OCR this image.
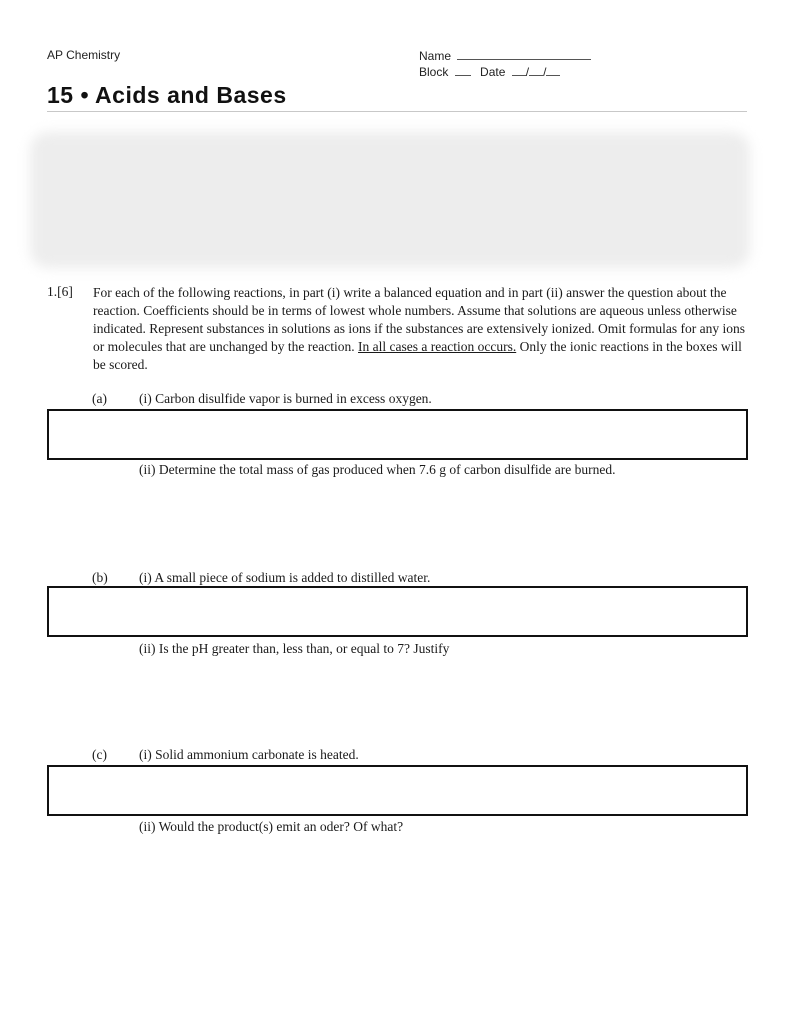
AP Chemistry	Name
Block	Date / /
15 • Acids and Bases
1.[6] For each of the following reactions, in part (i) write a balanced equation and in part (ii) answer the question about the reaction. Coefficients should be in terms of lowest whole numbers. Assume that solutions are aqueous unless otherwise indicated. Represent substances in solutions as ions if the substances are extensively ionized. Omit formulas for any ions or molecules that are unchanged by the reaction. In all cases a reaction occurs. Only the ionic reactions in the boxes will be scored.
(a) (i) Carbon disulfide vapor is burned in excess oxygen.
(ii) Determine the total mass of gas produced when 7.6 g of carbon disulfide are burned.
(b) (i) A small piece of sodium is added to distilled water.
(ii) Is the pH greater than, less than, or equal to 7? Justify
(c) (i) Solid ammonium carbonate is heated.
(ii) Would the product(s) emit an oder? Of what?
